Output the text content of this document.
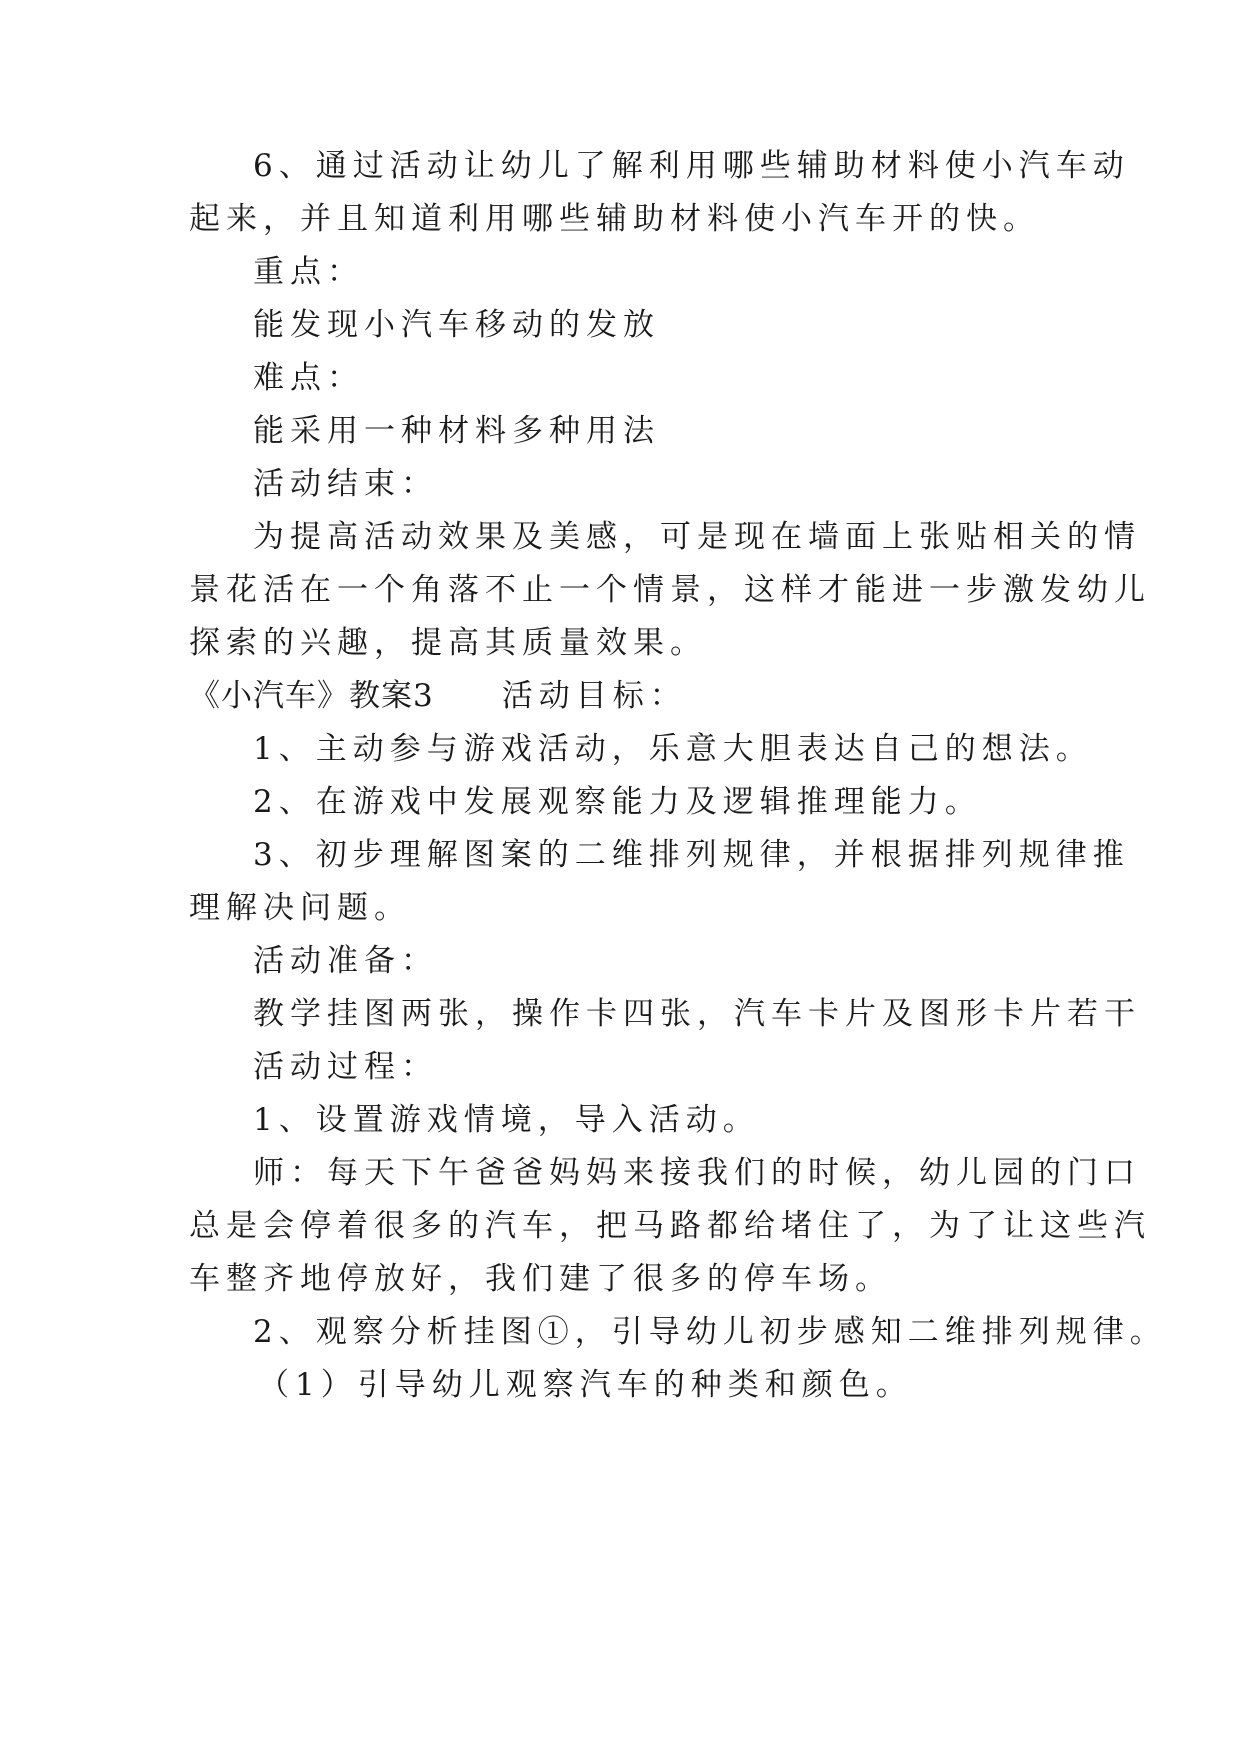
6、通过活动让幼儿了解利用哪些辅助材料使小汽车动
起来，并且知道利用哪些辅助材料使小汽车开的快。
重点：
能发现小汽车移动的发放
难点：
能采用一种材料多种用法
活动结束：
为提高活动效果及美感，可是现在墙面上张贴相关的情
景花活在一个角落不止一个情景，这样才能进一步激发幼儿
探索的兴趣，提高其质量效果。
《小汽车》教案3 活动目标：
1、主动参与游戏活动，乐意大胆表达自己的想法。
2、在游戏中发展观察能力及逻辑推理能力。
3、初步理解图案的二维排列规律，并根据排列规律推
理解决问题。
活动准备：
教学挂图两张，操作卡四张，汽车卡片及图形卡片若干
活动过程：
1、设置游戏情境，导入活动。
师：每天下午爸爸妈妈来接我们的时候，幼儿园的门口
总是会停着很多的汽车，把马路都给堵住了，为了让这些汽
车整齐地停放好，我们建了很多的停车场。
2、观察分析挂图①，引导幼儿初步感知二维排列规律。
（1）引导幼儿观察汽车的种类和颜色。
